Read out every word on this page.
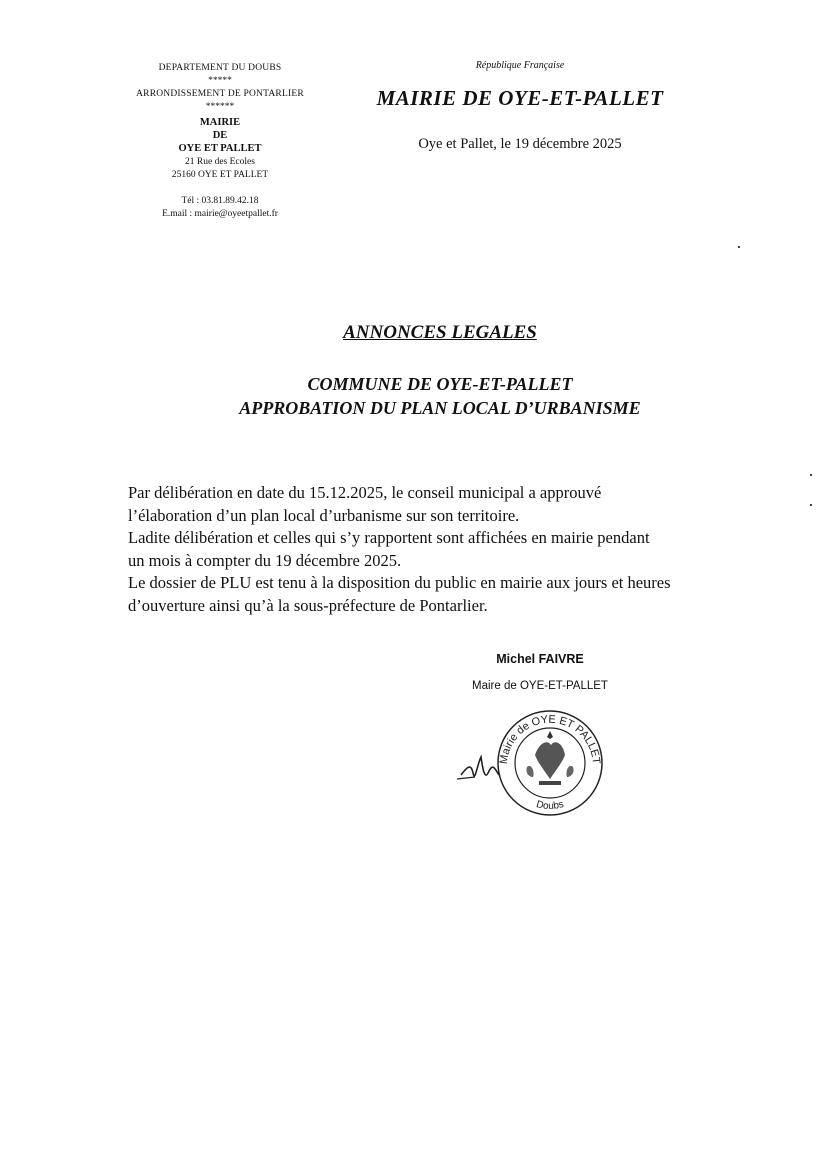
DEPARTEMENT DU DOUBS
*****
ARRONDISSEMENT DE PONTARLIER
******
MAIRIE
DE
OYE ET PALLET
21 Rue des Ecoles
25160 OYE ET PALLET
Tél : 03.81.89.42.18
E.mail : mairie@oyeetpallet.fr
République Française
MAIRIE DE OYE-ET-PALLET
Oye et Pallet, le 19 décembre 2025
ANNONCES LEGALES
COMMUNE DE OYE-ET-PALLET
APPROBATION DU PLAN LOCAL D’URBANISME

Par délibération en date du 15.12.2025, le conseil municipal a approuvé

l’élaboration d’un plan local d’urbanisme sur son territoire.

Ladite délibération et celles qui s’y rapportent sont affichées en mairie pendant

un mois à compter du 19 décembre 2025.

Le dossier de PLU est tenu à la disposition du public en mairie aux jours et heures

d’ouverture ainsi qu’à la sous-préfecture de Pontarlier.

Michel FAIVRE
Maire de OYE-ET-PALLET
Mairie de OYE ET PALLET
Doubs
